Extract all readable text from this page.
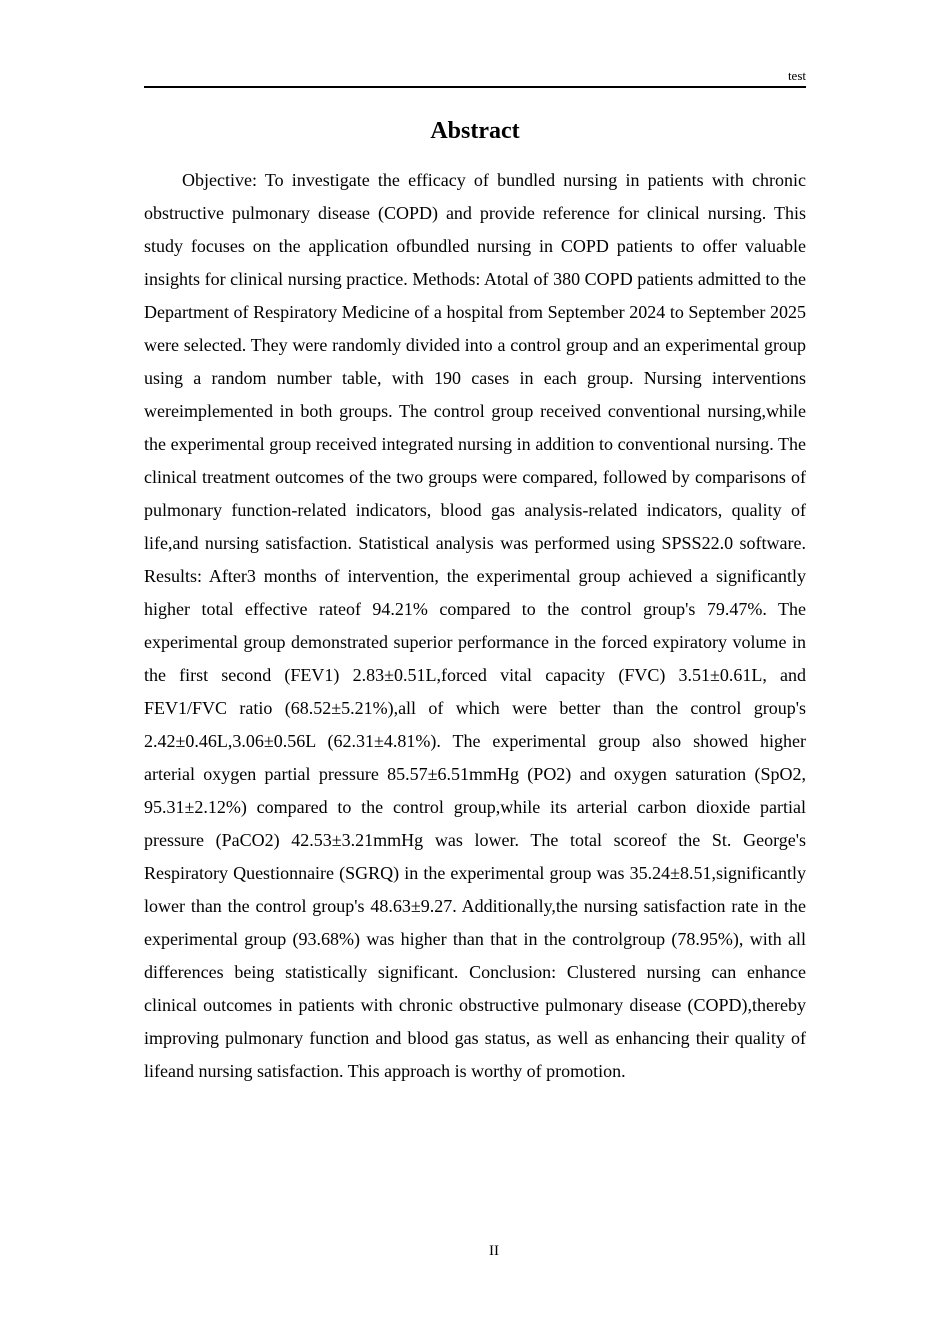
test
Abstract

Objective: To investigate the efficacy of bundled nursing in patients with chronic obstructive pulmonary disease (COPD) and provide reference for clinical nursing. This study focuses on the application ofbundled nursing in COPD patients to offer valuable insights for clinical nursing practice. Methods: Atotal of 380 COPD patients admitted to the Department of Respiratory Medicine of a hospital from September 2024 to September 2025 were selected. They were randomly divided into a control group and an experimental group using a random number table, with 190 cases in each group. Nursing interventions wereimplemented in both groups. The control group received conventional nursing,while the experimental group received integrated nursing in addition to conventional nursing. The clinical treatment outcomes of the two groups were compared, followed by comparisons of pulmonary function-related indicators, blood gas analysis-related indicators, quality of life,and nursing satisfaction. Statistical analysis was performed using SPSS22.0 software. Results: After3 months of intervention, the experimental group achieved a significantly higher total effective rateof 94.21% compared to the control group's 79.47%. The experimental group demonstrated superior performance in the forced expiratory volume in the first second (FEV1) 2.83±0.51L,forced vital capacity (FVC) 3.51±0.61L, and FEV1/FVC ratio (68.52±5.21%),all of which were better than the control group's 2.42±0.46L,3.06±0.56L (62.31±4.81%). The experimental group also showed higher arterial oxygen partial pressure 85.57±6.51mmHg (PO2) and oxygen saturation (SpO2, 95.31±2.12%) compared to the control group,while its arterial carbon dioxide partial pressure (PaCO2) 42.53±3.21mmHg was lower. The total scoreof the St. George's Respiratory Questionnaire (SGRQ) in the experimental group was 35.24±8.51,significantly lower than the control group's 48.63±9.27. Additionally,the nursing satisfaction rate in the experimental group (93.68%) was higher than that in the controlgroup (78.95%), with all differences being statistically significant. Conclusion: Clustered nursing can enhance clinical outcomes in patients with chronic obstructive pulmonary disease (COPD),thereby improving pulmonary function and blood gas status, as well as enhancing their quality of lifeand nursing satisfaction. This approach is worthy of promotion.

II
